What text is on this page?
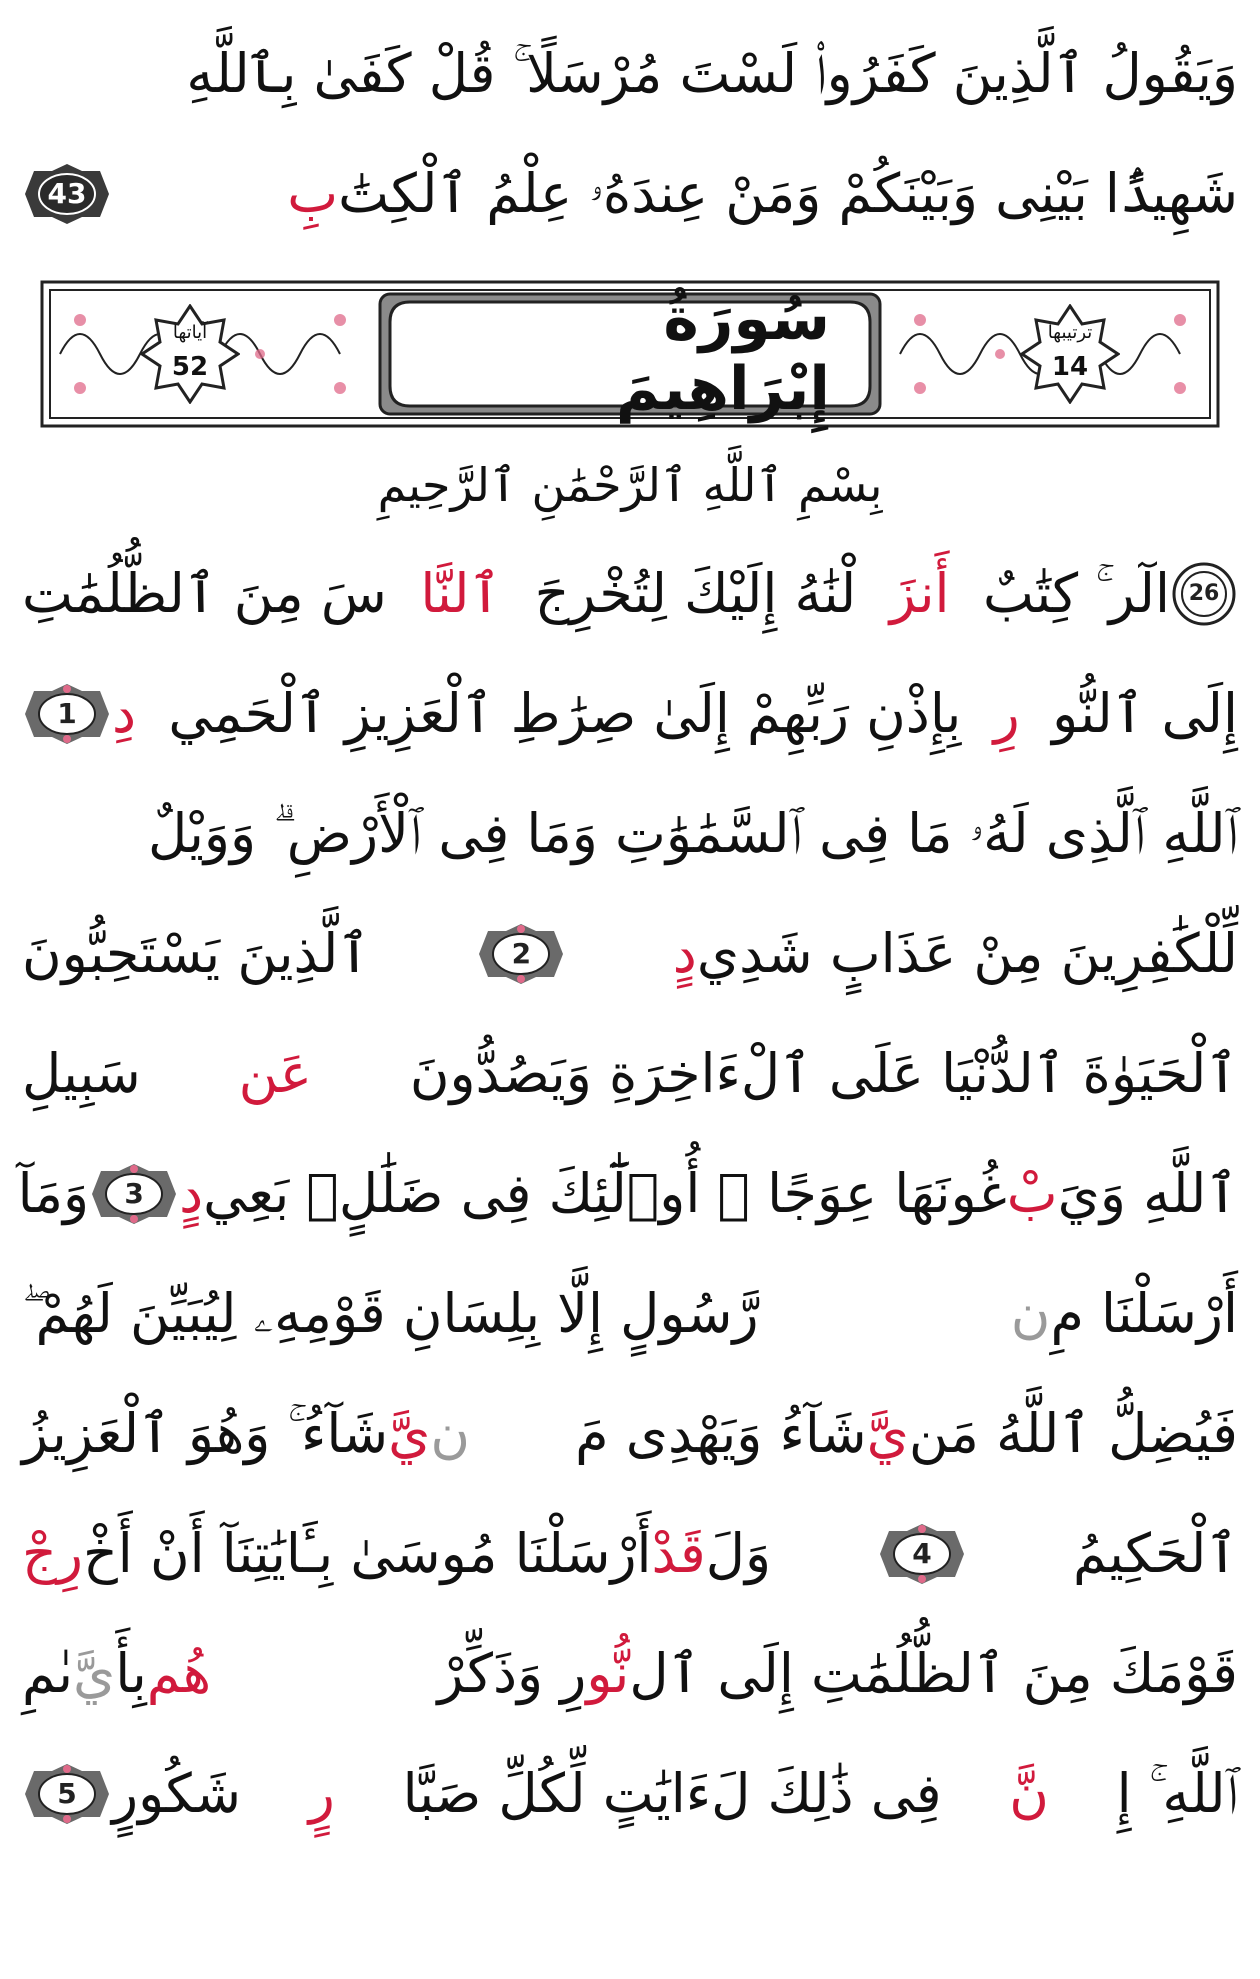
وَيَقُولُ ٱلَّذِينَ كَفَرُوا۟ لَسْتَ مُرْسَلًا ۚ قُلْ كَفَىٰ بِٱللَّهِ
شَهِيدًۢا بَيْنِى وَبَيْنَكُمْ وَمَنْ عِندَهُۥ عِلْمُ ٱلْكِتَٰ
بِ
43
ترتيبها
14
سُورَةُ إِبْرَاهِيمَ
آياتها
52
بِسْمِ ٱللَّهِ ٱلرَّحْمَٰنِ ٱلرَّحِيمِ
26
الٓر ۚ كِتَٰبٌ
أَنزَ
لْنَٰهُ إِلَيْكَ لِتُخْرِجَ
ٱلنَّا
سَ مِنَ ٱلظُّلُمَٰتِ
إِلَى ٱلنُّو
رِ
بِإِذْنِ رَبِّهِمْ إِلَىٰ صِرَٰطِ ٱلْعَزِيزِ ٱلْحَمِي
دِ
1
ٱللَّهِ ٱلَّذِى لَهُۥ مَا فِى ٱلسَّمَٰوَٰتِ وَمَا فِى ٱلْأَرْضِ ۗ وَوَيْلٌ
لِّلْكَٰفِرِينَ مِنْ عَذَابٍ شَدِي
دٍ
2
ٱلَّذِينَ يَسْتَحِبُّونَ
ٱلْحَيَوٰةَ ٱلدُّنْيَا عَلَى ٱلْءَاخِرَةِ وَيَصُدُّونَ
عَن
سَبِيلِ
ٱللَّهِ وَيَ
بْ
غُونَهَا عِوَجًا ۚ أُو۟لَٰٓئِكَ فِى ضَلَٰلٍۭ بَعِي
دٍ
3
وَمَآ
أَرْسَلْنَا مِ
ن
رَّسُولٍ إِلَّا بِلِسَانِ قَوْمِهِۦ لِيُبَيِّنَ لَهُمْ ۖ
فَيُضِلُّ ٱللَّهُ مَن
يَّ
شَآءُ وَيَهْدِى مَ
ن
يَّ
شَآءُ ۚ وَهُوَ ٱلْعَزِيزُ
ٱلْحَكِيمُ
4
وَلَ
قَدْ
أَرْسَلْنَا مُوسَىٰ بِـَٔايَٰتِنَآ أَنْ أَخْ
رِجْ
قَوْمَكَ مِنَ ٱلظُّلُمَٰتِ إِلَى ٱل
نُّو
رِ وَذَكِّرْ
هُم
بِأَ
يَّ
ىٰمِ
ٱللَّهِ ۚ إِ
نَّ
فِى ذَٰلِكَ لَءَايَٰتٍ لِّكُلِّ صَبَّا
رٍ
شَكُورٍ
5
